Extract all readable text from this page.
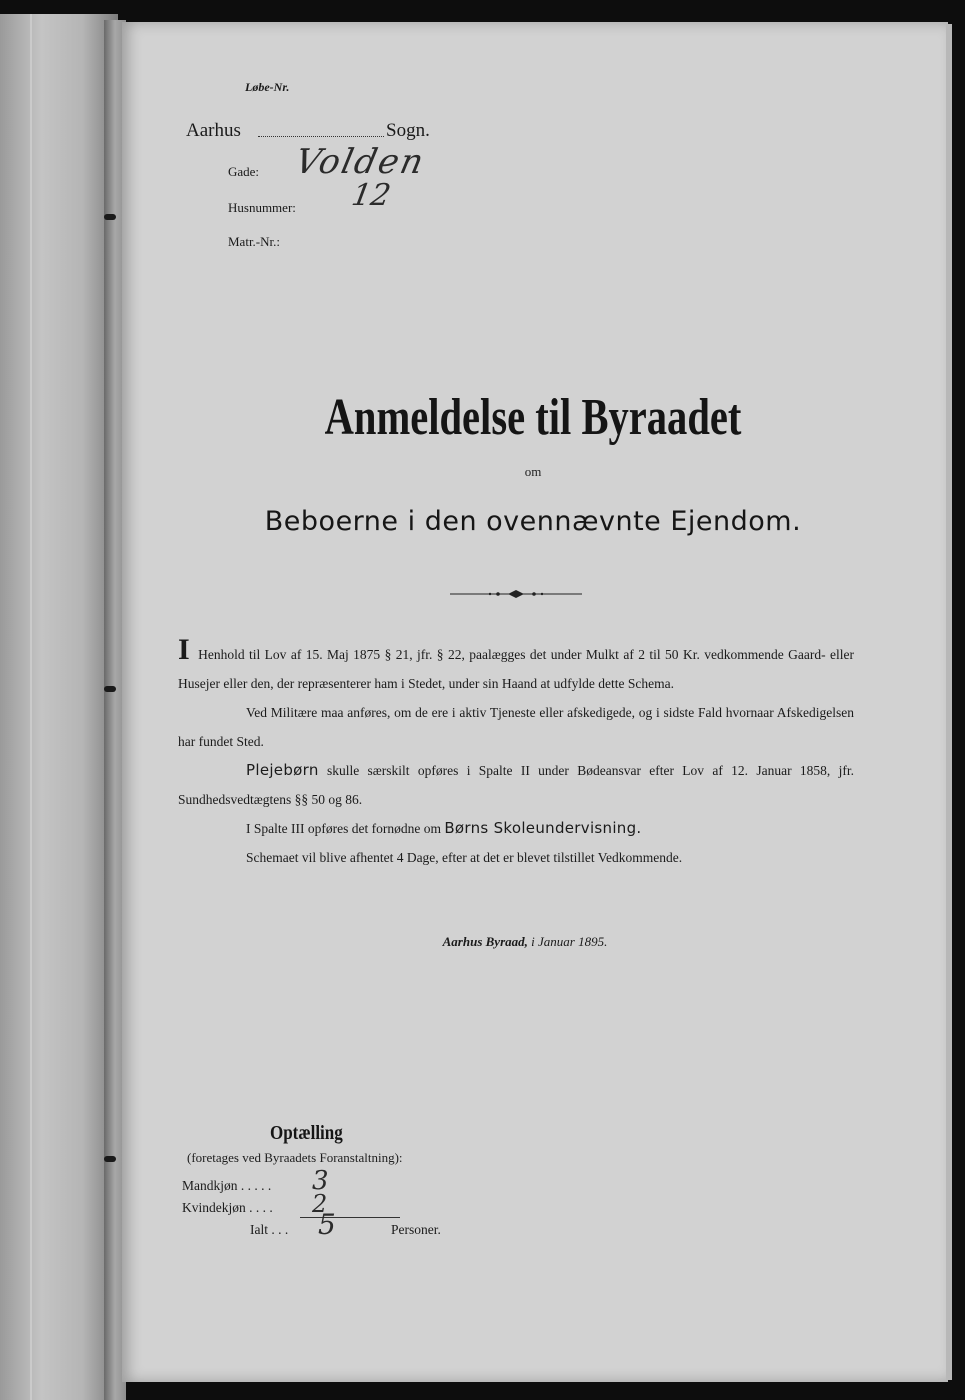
Løbe-Nr.
Aarhus	Sogn.
Gade: Volden
Husnummer: 12
Matr.-Nr.:
Anmeldelse til Byraadet
om
Beboerne i den ovennævnte Ejendom.
I Henhold til Lov af 15. Maj 1875 § 21, jfr. § 22, paalægges det under Mulkt af 2 til 50 Kr. vedkommende Gaard- eller Husejer eller den, der repræsenterer ham i Stedet, under sin Haand at udfylde dette Schema.
Ved Militære maa anføres, om de ere i aktiv Tjeneste eller afskedigede, og i sidste Fald hvornaar Afskedigelsen har fundet Sted.
Plejebørn skulle særskilt opføres i Spalte II under Bødeansvar efter Lov af 12. Januar 1858, jfr. Sundhedsvedtægtens §§ 50 og 86.
I Spalte III opføres det fornødne om Børns Skoleundervisning.
Schemaet vil blive afhentet 4 Dage, efter at det er blevet tilstillet Vedkommende.
Aarhus Byraad, i Januar 1895.
Optælling
(foretages ved Byraadets Foranstaltning):
Mandkjøn . . . . . 3
Kvindekjøn . . . . 2
Ialt . . . 5	Personer.
